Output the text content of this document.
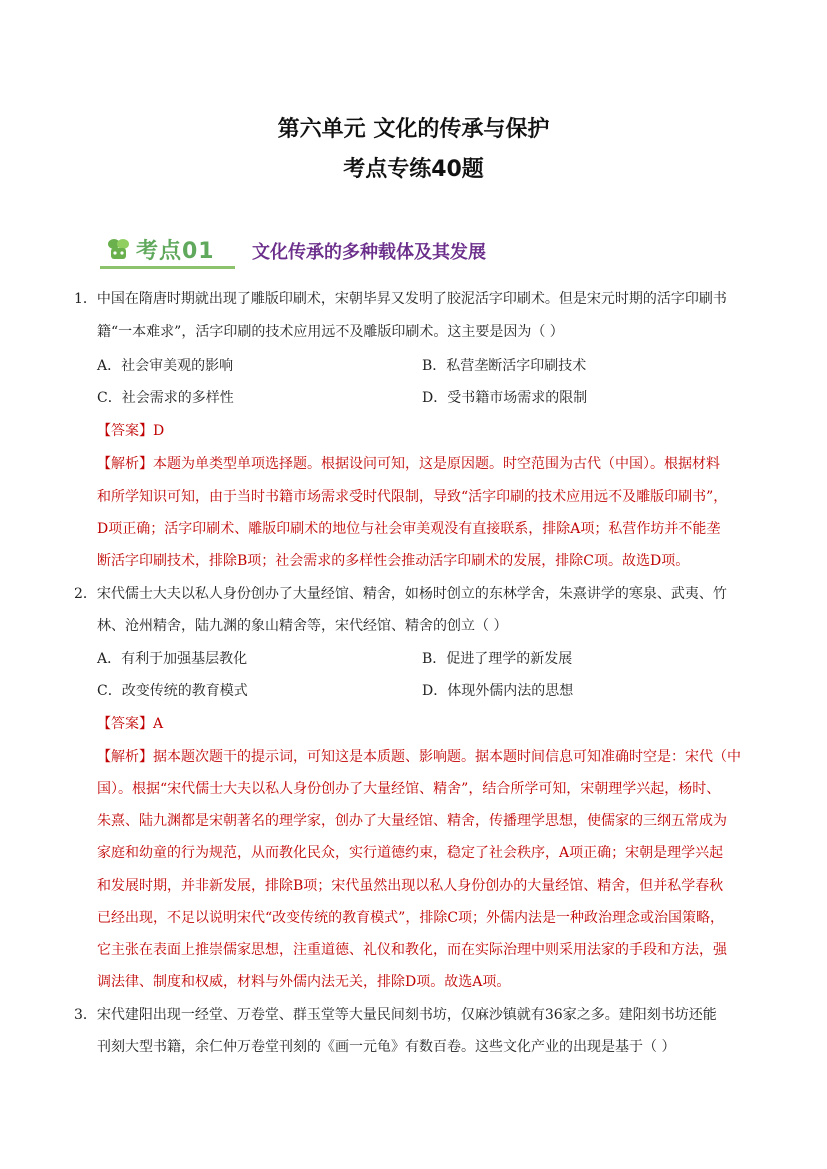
第六单元 文化的传承与保护
考点专练40题
考点01 文化传承的多种载体及其发展
1．中国在隋唐时期就出现了雕版印刷术，宋朝毕昇又发明了胶泥活字印刷术。但是宋元时期的活字印刷书
籍“一本难求”，活字印刷的技术应用远不及雕版印刷术。这主要是因为（ ）
A．社会审美观的影响	B．私营垄断活字印刷技术
C．社会需求的多样性	D．受书籍市场需求的限制
【答案】D
【解析】本题为单类型单项选择题。根据设问可知，这是原因题。时空范围为古代（中国）。根据材料
和所学知识可知，由于当时书籍市场需求受时代限制，导致“活字印刷的技术应用远不及雕版印刷书”，
D项正确；活字印刷术、雕版印刷术的地位与社会审美观没有直接联系，排除A项；私营作坊并不能垄
断活字印刷技术，排除B项；社会需求的多样性会推动活字印刷术的发展，排除C项。故选D项。
2．宋代儒士大夫以私人身份创办了大量经馆、精舍，如杨时创立的东林学舍，朱熹讲学的寒泉、武夷、竹
林、沧州精舍，陆九渊的象山精舍等，宋代经馆、精舍的创立（ ）
A．有利于加强基层教化	B．促进了理学的新发展
C．改变传统的教育模式	D．体现外儒内法的思想
【答案】A
【解析】据本题次题干的提示词，可知这是本质题、影响题。据本题时间信息可知准确时空是：宋代（中
国）。根据“宋代儒士大夫以私人身份创办了大量经馆、精舍”，结合所学可知，宋朝理学兴起，杨时、
朱熹、陆九渊都是宋朝著名的理学家，创办了大量经馆、精舍，传播理学思想，使儒家的三纲五常成为
家庭和幼童的行为规范，从而教化民众，实行道德约束，稳定了社会秩序，A项正确；宋朝是理学兴起
和发展时期，并非新发展，排除B项；宋代虽然出现以私人身份创办的大量经馆、精舍，但并私学春秋
已经出现，不足以说明宋代“改变传统的教育模式”，排除C项；外儒内法是一种政治理念或治国策略，
它主张在表面上推崇儒家思想，注重道德、礼仪和教化，而在实际治理中则采用法家的手段和方法，强
调法律、制度和权威，材料与外儒内法无关，排除D项。故选A项。
3．宋代建阳出现一经堂、万卷堂、群玉堂等大量民间刻书坊，仅麻沙镇就有36家之多。建阳刻书坊还能
刊刻大型书籍，余仁仲万卷堂刊刻的《画一元龟》有数百卷。这些文化产业的出现是基于（ ）
